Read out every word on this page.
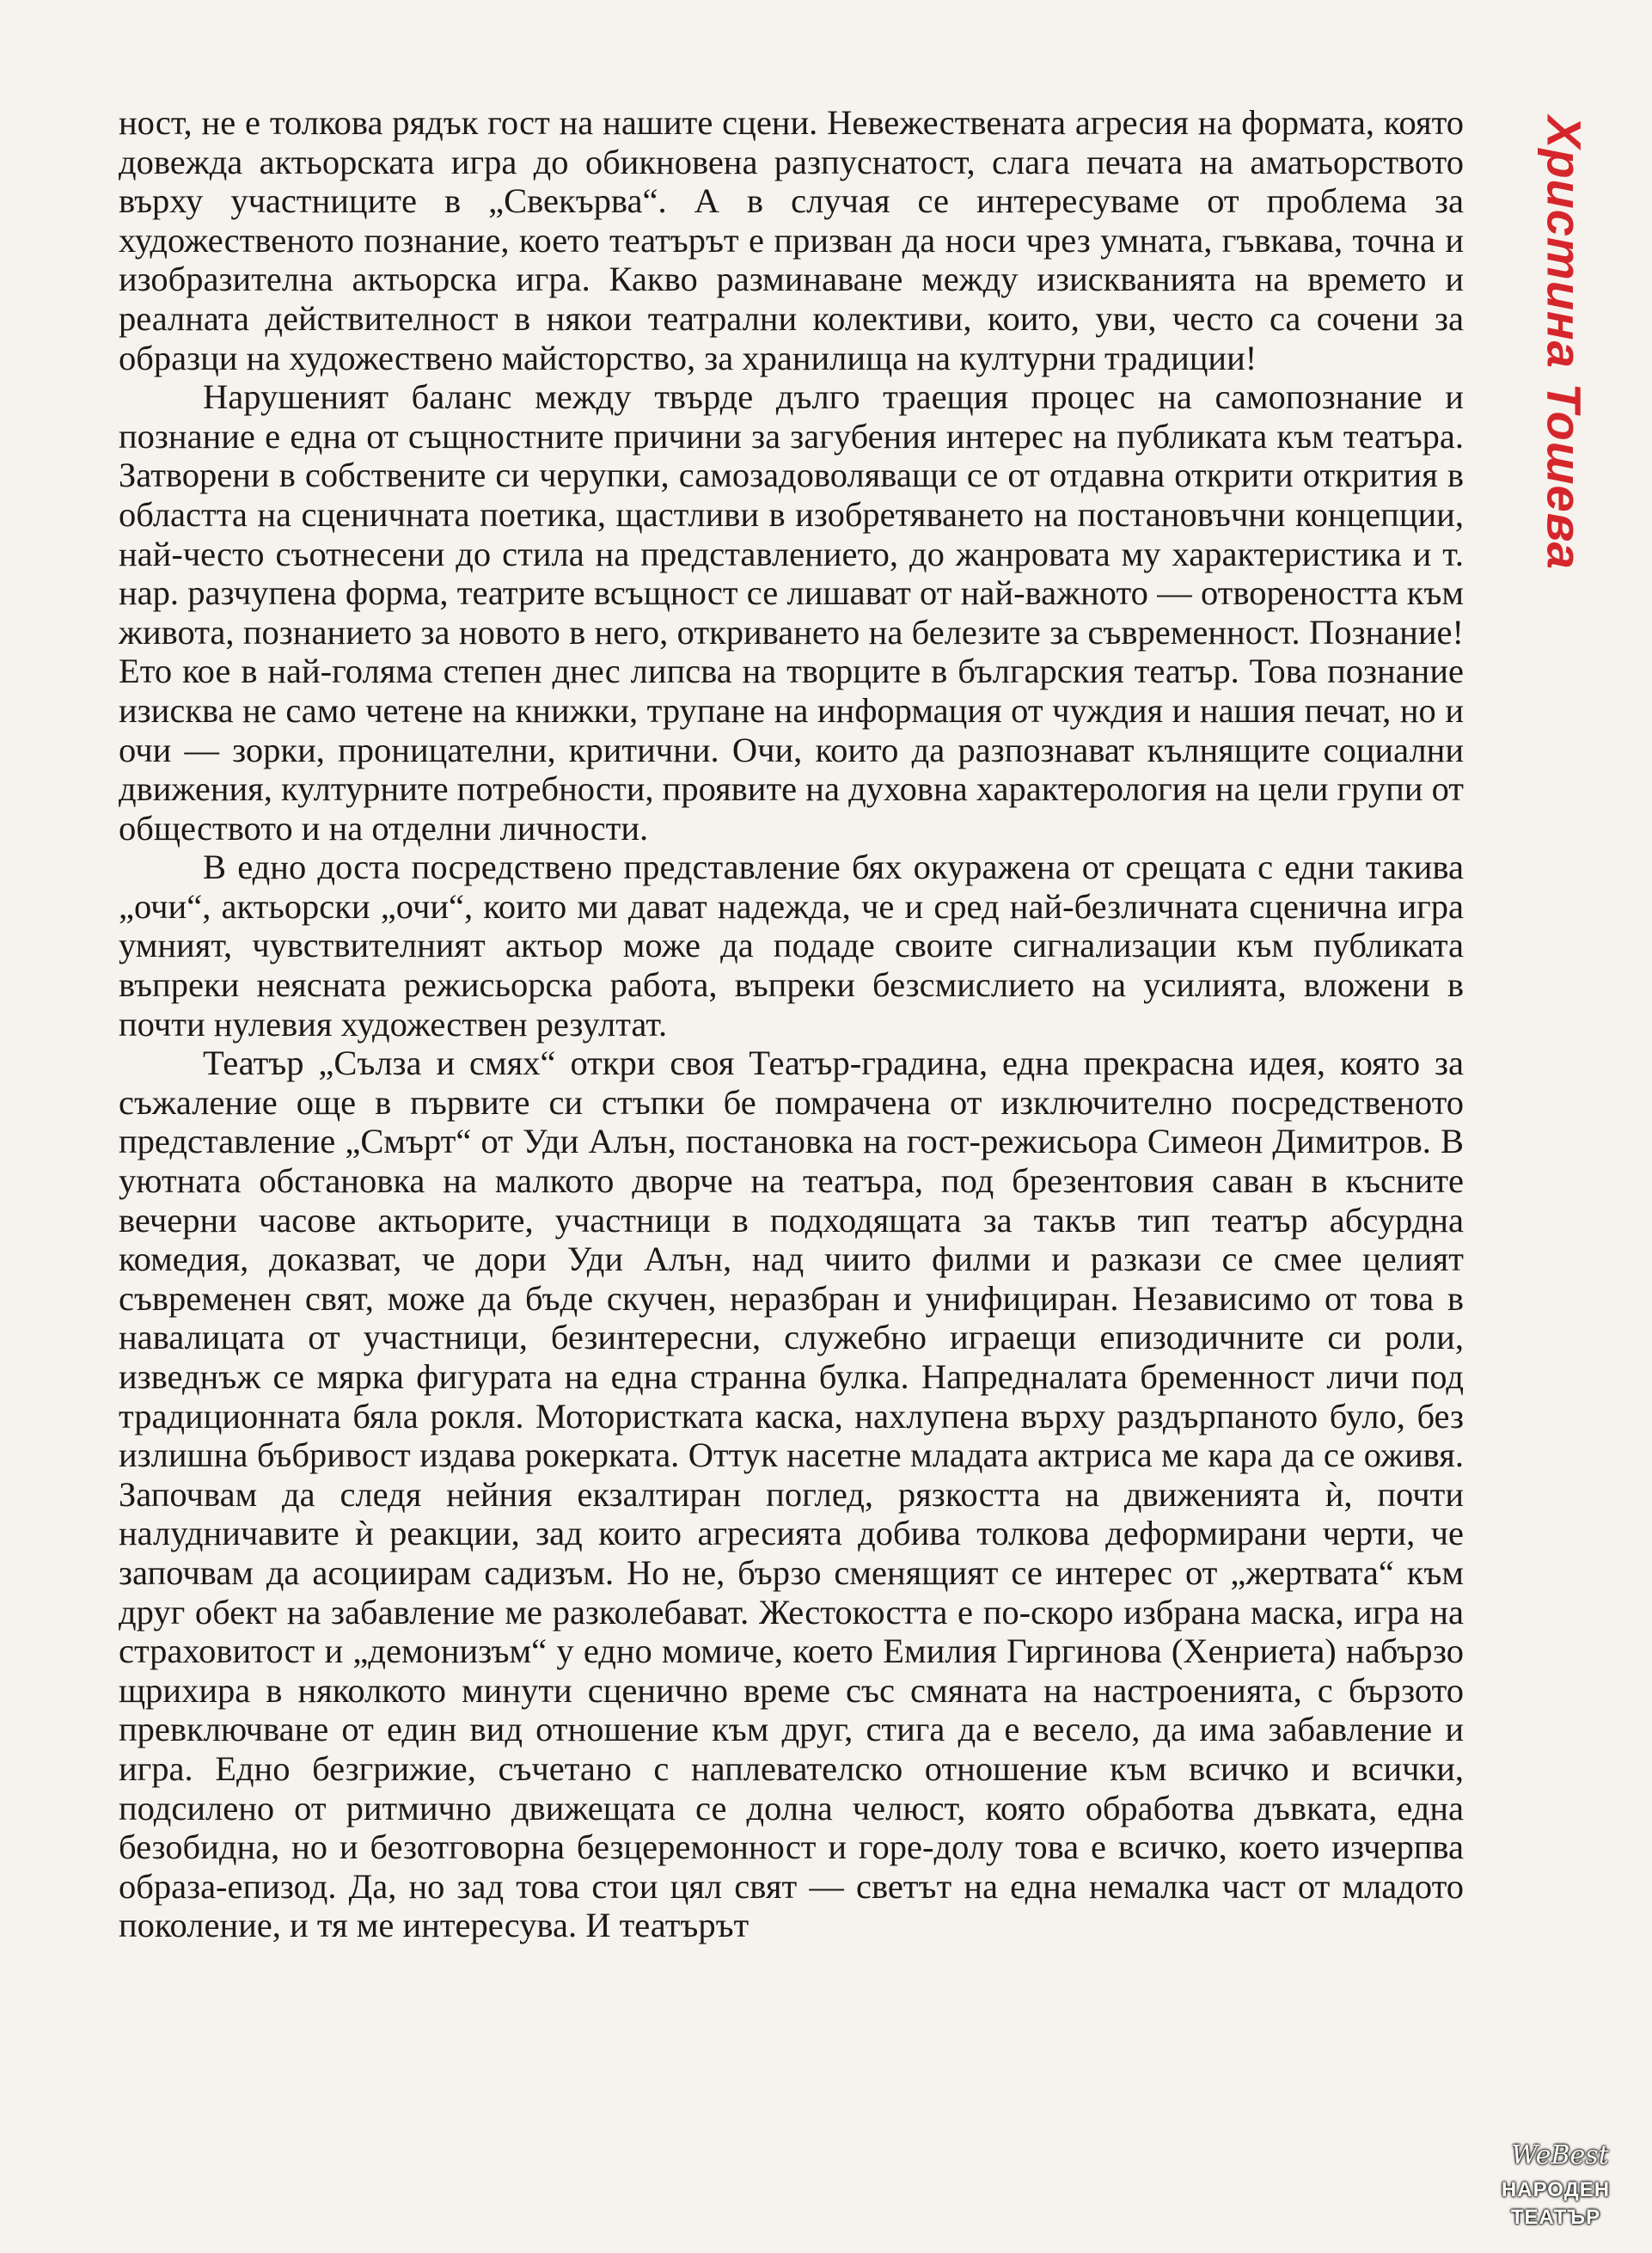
ност, не е толкова рядък гост на нашите сцени. Невежествената агресия на формата, която довежда актьорската игра до обикновена разпуснатост, слага печата на аматьорството върху участниците в „Свекърва“. А в случая се интересуваме от проблема за художественото познание, което театърът е призван да носи чрез умната, гъвкава, точна и изобразителна актьорска игра. Какво разминаване между изискванията на времето и реалната действителност в някои театрални колективи, които, уви, често са сочени за образци на художествено майсторство, за хранилища на културни традиции!

Нарушеният баланс между твърде дълго траещия процес на самопознание и познание е една от същностните причини за загубения интерес на публиката към театъра. Затворени в собствените си черупки, самозадоволяващи се от отдавна открити открития в областта на сценичната поетика, щастливи в изобретяването на постановъчни концепции, най-често съотнесени до стила на представлението, до жанровата му характеристика и т. нар. разчупена форма, театрите всъщност се лишават от най-важното — отвореността към живота, познанието за новото в него, откриването на белезите за съвременност. Познание! Ето кое в най-голяма степен днес липсва на творците в българския театър. Това познание изисква не само четене на книжки, трупане на информация от чуждия и нашия печат, но и очи — зорки, проницателни, критични. Очи, които да разпознават кълнящите социални движения, културните потребности, проявите на духовна характерология на цели групи от обществото и на отделни личности.

В едно доста посредствено представление бях окуражена от срещата с едни такива „очи“, актьорски „очи“, които ми дават надежда, че и сред най-безличната сценична игра умният, чувствителният актьор може да подаде своите сигнализации към публиката въпреки неясната режисьорска работа, въпреки безсмислието на усилията, вложени в почти нулевия художествен резултат.

Театър „Сълза и смях“ откри своя Театър-градина, една прекрасна идея, която за съжаление още в първите си стъпки бе помрачена от изключително посредственото представление „Смърт“ от Уди Алън, постановка на гост-режисьора Симеон Димитров. В уютната обстановка на малкото дворче на театъра, под брезентовия саван в късните вечерни часове актьорите, участници в подходящата за такъв тип театър абсурдна комедия, доказват, че дори Уди Алън, над чиито филми и разкази се смее целият съвременен свят, може да бъде скучен, неразбран и унифициран. Независимо от това в навалицата от участници, безинтересни, служебно играещи епизодичните си роли, изведнъж се мярка фигурата на една странна булка. Напредналата бременност личи под традиционната бяла рокля. Мотористката каска, нахлупена върху раздърпаното було, без излишна бъбривост издава рокерката. Оттук насетне младата актриса ме кара да се оживя. Започвам да следя нейния екзалтиран поглед, рязкостта на движенията ѝ, почти налудничавите ѝ реакции, зад които агресията добива толкова деформирани черти, че започвам да асоциирам садизъм. Но не, бързо сменящият се интерес от „жертвата“ към друг обект на забавление ме разколебават. Жестокостта е по-скоро избрана маска, игра на страховитост и „демонизъм“ у едно момиче, което Емилия Гиргинова (Хенриета) набързо щрихира в няколкото минути сценично време със смяната на настроенията, с бързото превключване от един вид отношение към друг, стига да е весело, да има забавление и игра. Едно безгрижие, съчетано с наплевателско отношение към всичко и всички, подсилено от ритмично движещата се долна челюст, която обработва дъвката, една безобидна, но и безотговорна безцеремонност и горе-долу това е всичко, което изчерпва образа-епизод. Да, но зад това стои цял свят — светът на една немалка част от младото поколение, и тя ме интересува. И театърът

Христина Тошева
WeBest
НАРОДЕН
ТЕАТЪР
